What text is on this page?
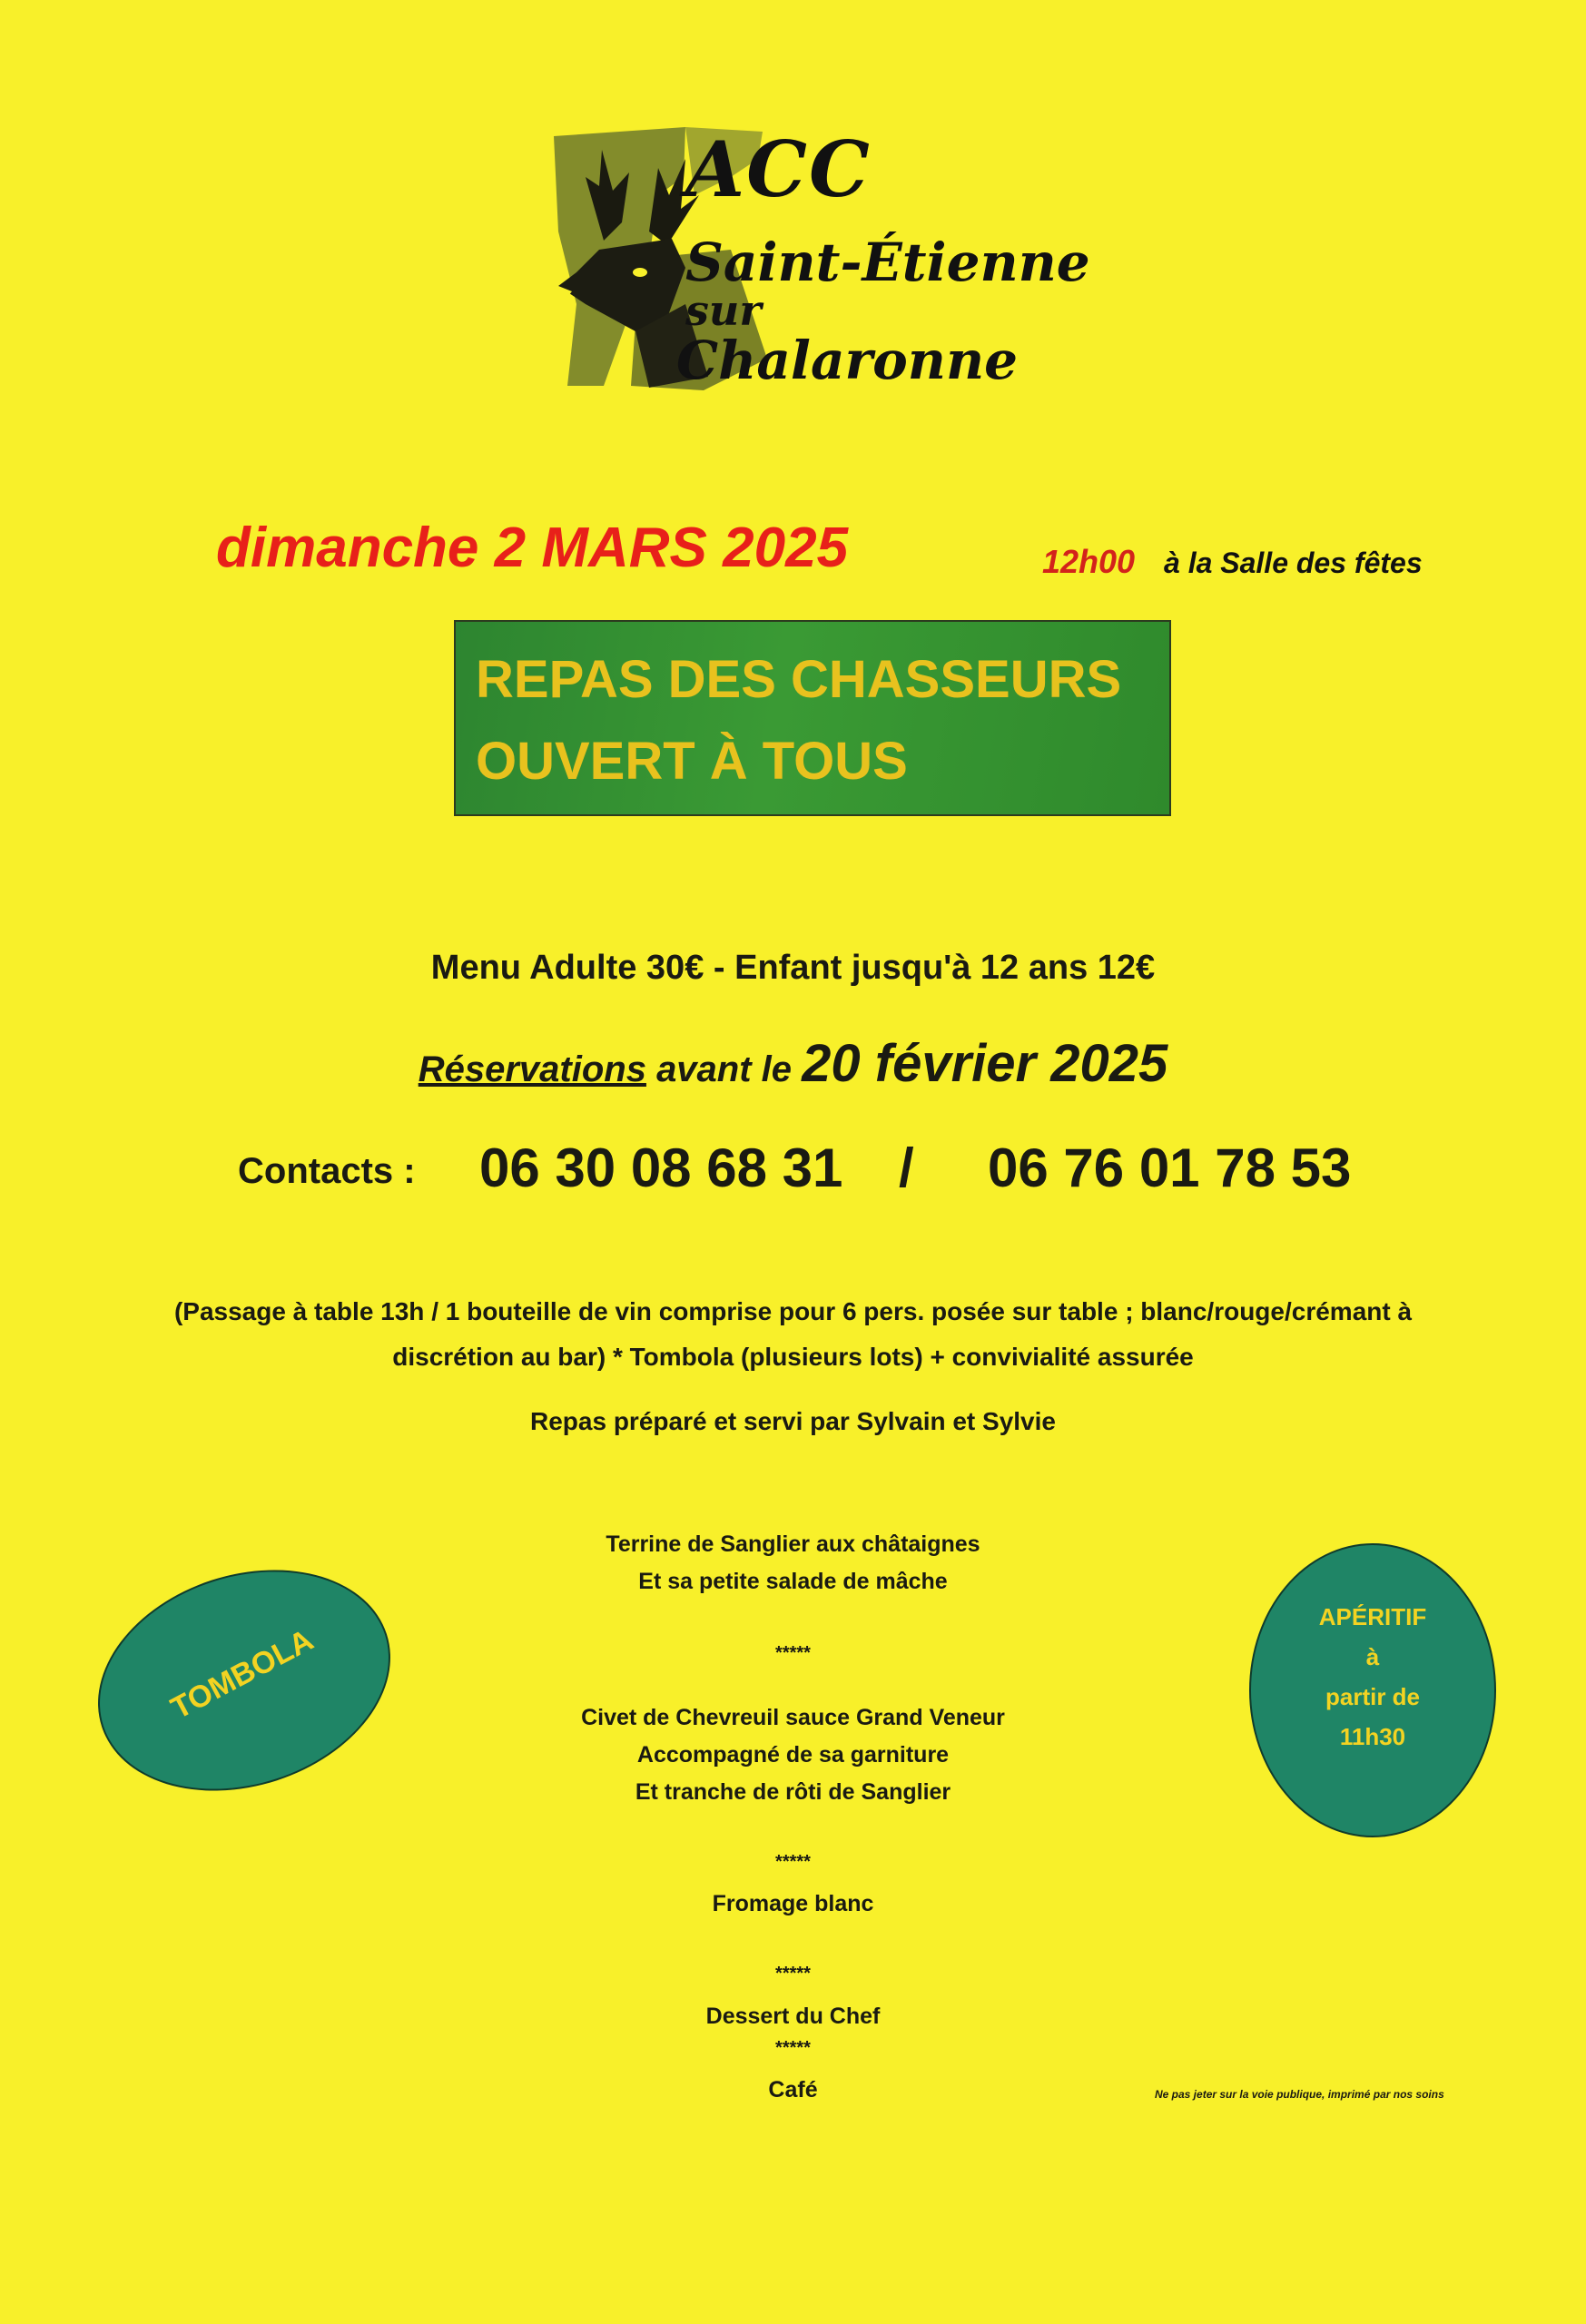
ACC
Saint-Étienne
sur
Chalaronne
dimanche 2 MARS 2025	12h00 à la Salle des fêtes
REPAS DES CHASSEURS
OUVERT À TOUS
Menu Adulte 30€ - Enfant jusqu'à 12 ans 12€
Réservations avant le 20 février 2025
Contacts : 06 30 08 68 31 / 06 76 01 78 53
(Passage à table 13h / 1 bouteille de vin comprise pour 6 pers. posée sur table ; blanc/rouge/crémant à
discrétion au bar) * Tombola (plusieurs lots) + convivialité assurée
Repas préparé et servi par Sylvain et Sylvie
Terrine de Sanglier aux châtaignes
Et sa petite salade de mâche
*****
Civet de Chevreuil sauce Grand Veneur
Accompagné de sa garniture
Et tranche de rôti de Sanglier
*****
Fromage blanc
*****
Dessert du Chef
*****
Café
TOMBOLA
APÉRITIF
à
partir de
11h30
Ne pas jeter sur la voie publique, imprimé par nos soins
